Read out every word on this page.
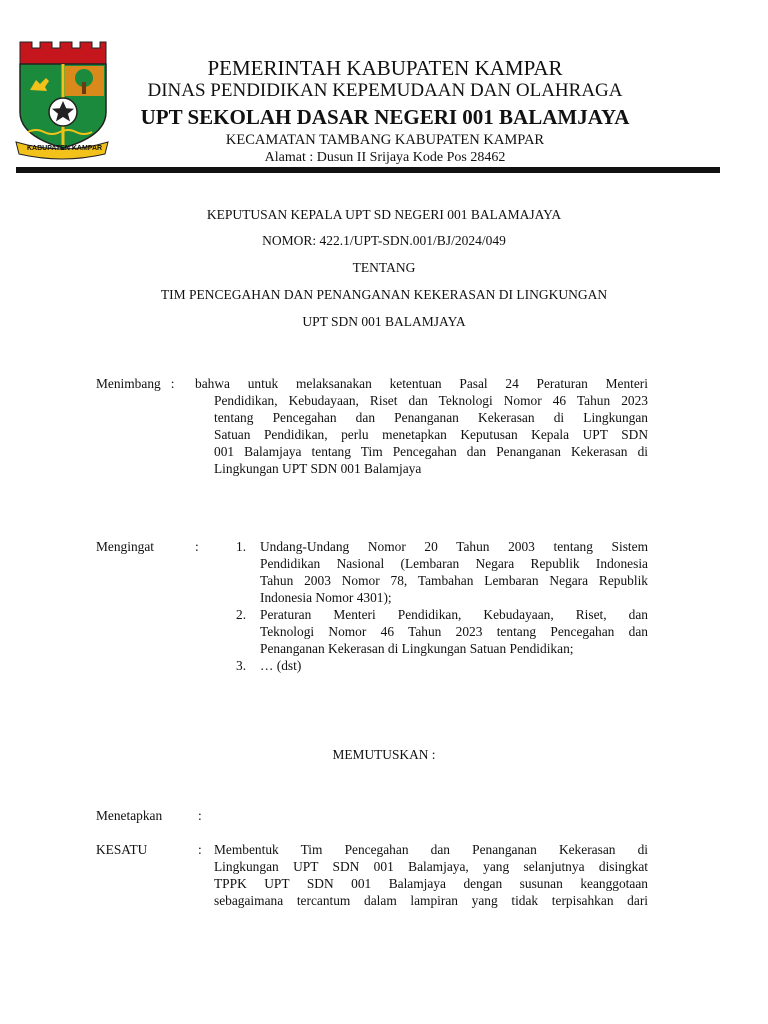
KABUPATEN KAMPAR
PEMERINTAH KABUPATEN KAMPAR
DINAS PENDIDIKAN KEPEMUDAAN DAN OLAHRAGA
UPT SEKOLAH DASAR NEGERI 001 BALAMJAYA
KECAMATAN TAMBANG KABUPATEN KAMPAR
Alamat : Dusun II Srijaya Kode Pos 28462
KEPUTUSAN KEPALA UPT SD NEGERI 001 BALAMAJAYA
NOMOR: 422.1/UPT-SDN.001/BJ/2024/049
TENTANG
TIM PENCEGAHAN DAN PENANGANAN KEKERASAN DI LINGKUNGAN
UPT SDN 001 BALAMJAYA
Menimbang : bahwa untuk melaksanakan ketentuan Pasal 24 Peraturan Menteri
Pendidikan, Kebudayaan, Riset dan Teknologi Nomor 46 Tahun 2023
tentang Pencegahan dan Penanganan Kekerasan di Lingkungan
Satuan Pendidikan, perlu menetapkan Keputusan Kepala UPT SDN
001 Balamjaya tentang Tim Pencegahan dan Penanganan Kekerasan di
Lingkungan UPT SDN 001 Balamjaya
Mengingat	:	1. Undang-Undang Nomor 20 Tahun 2003 tentang Sistem
Pendidikan Nasional (Lembaran Negara Republik Indonesia
Tahun 2003 Nomor 78, Tambahan Lembaran Negara Republik
Indonesia Nomor 4301);
2. Peraturan Menteri Pendidikan, Kebudayaan, Riset, dan
Teknologi Nomor 46 Tahun 2023 tentang Pencegahan dan
Penanganan Kekerasan di Lingkungan Satuan Pendidikan;
3. … (dst)
MEMUTUSKAN :
Menetapkan	:
KESATU	: Membentuk Tim Pencegahan dan Penanganan Kekerasan di
Lingkungan UPT SDN 001 Balamjaya, yang selanjutnya disingkat
TPPK UPT SDN 001 Balamjaya dengan susunan keanggotaan
sebagaimana tercantum dalam lampiran yang tidak terpisahkan dari
